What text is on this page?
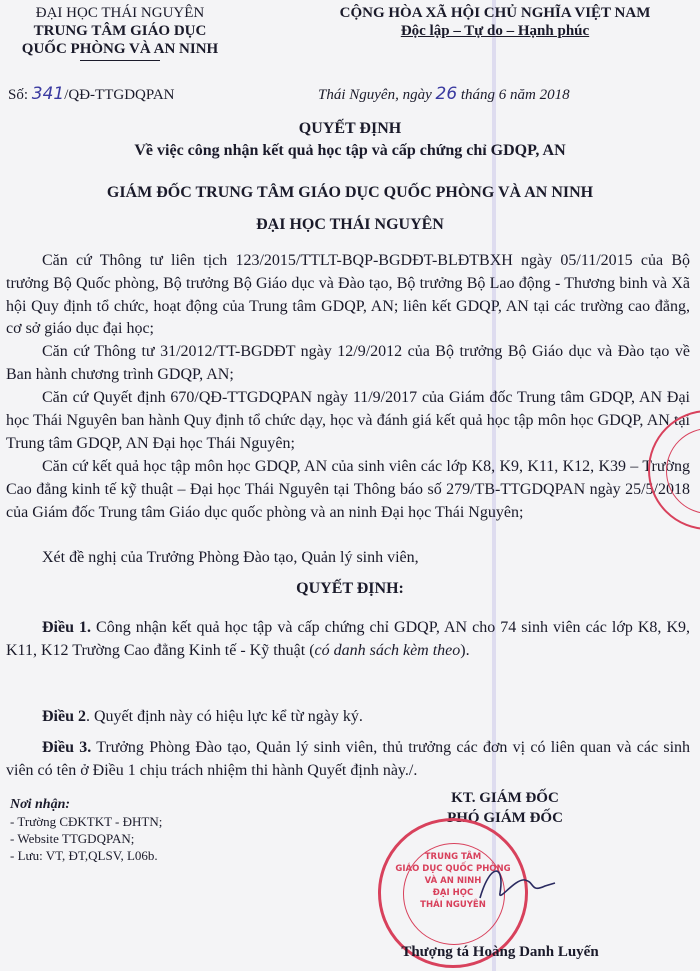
ĐẠI HỌC THÁI NGUYÊN
TRUNG TÂM GIÁO DỤC
QUỐC PHÒNG VÀ AN NINH
CỘNG HÒA XÃ HỘI CHỦ NGHĨA VIỆT NAM
Độc lập – Tự do – Hạnh phúc
Số: 341/QĐ-TTGDQPAN	Thái Nguyên, ngày 26 tháng 6 năm 2018
QUYẾT ĐỊNH
Về việc công nhận kết quả học tập và cấp chứng chỉ GDQP, AN
GIÁM ĐỐC TRUNG TÂM GIÁO DỤC QUỐC PHÒNG VÀ AN NINH
ĐẠI HỌC THÁI NGUYÊN
Căn cứ Thông tư liên tịch 123/2015/TTLT-BQP-BGDĐT-BLĐTBXH ngày 05/11/2015 của Bộ trưởng Bộ Quốc phòng, Bộ trưởng Bộ Giáo dục và Đào tạo, Bộ trưởng Bộ Lao động - Thương binh và Xã hội Quy định tổ chức, hoạt động của Trung tâm GDQP, AN; liên kết GDQP, AN tại các trường cao đẳng, cơ sở giáo dục đại học;
Căn cứ Thông tư 31/2012/TT-BGDĐT ngày 12/9/2012 của Bộ trưởng Bộ Giáo dục và Đào tạo về Ban hành chương trình GDQP, AN;
Căn cứ Quyết định 670/QĐ-TTGDQPAN ngày 11/9/2017 của Giám đốc Trung tâm GDQP, AN Đại học Thái Nguyên ban hành Quy định tổ chức dạy, học và đánh giá kết quả học tập môn học GDQP, AN tại Trung tâm GDQP, AN Đại học Thái Nguyên;
Căn cứ kết quả học tập môn học GDQP, AN của sinh viên các lớp K8, K9, K11, K12, K39 – Trường Cao đẳng kinh tế kỹ thuật – Đại học Thái Nguyên tại Thông báo số 279/TB-TTGDQPAN ngày 25/5/2018 của Giám đốc Trung tâm Giáo dục quốc phòng và an ninh Đại học Thái Nguyên;
Xét đề nghị của Trưởng Phòng Đào tạo, Quản lý sinh viên,
QUYẾT ĐỊNH:
Điều 1. Công nhận kết quả học tập và cấp chứng chỉ GDQP, AN cho 74 sinh viên các lớp K8, K9, K11, K12 Trường Cao đẳng Kinh tế - Kỹ thuật (có danh sách kèm theo).
Điều 2. Quyết định này có hiệu lực kể từ ngày ký.
Điều 3. Trưởng Phòng Đào tạo, Quản lý sinh viên, thủ trưởng các đơn vị có liên quan và các sinh viên có tên ở Điều 1 chịu trách nhiệm thi hành Quyết định này./.
Nơi nhận:
- Trường CĐKTKT - ĐHTN;
- Website TTGDQPAN;
- Lưu: VT, ĐT,QLSV, L06b.
KT. GIÁM ĐỐC
PHÓ GIÁM ĐỐC
TRUNG TÂM
GIÁO DỤC QUỐC PHÒNG
VÀ AN NINH
ĐẠI HỌC
THÁI NGUYÊN
Thượng tá Hoàng Danh Luyến
